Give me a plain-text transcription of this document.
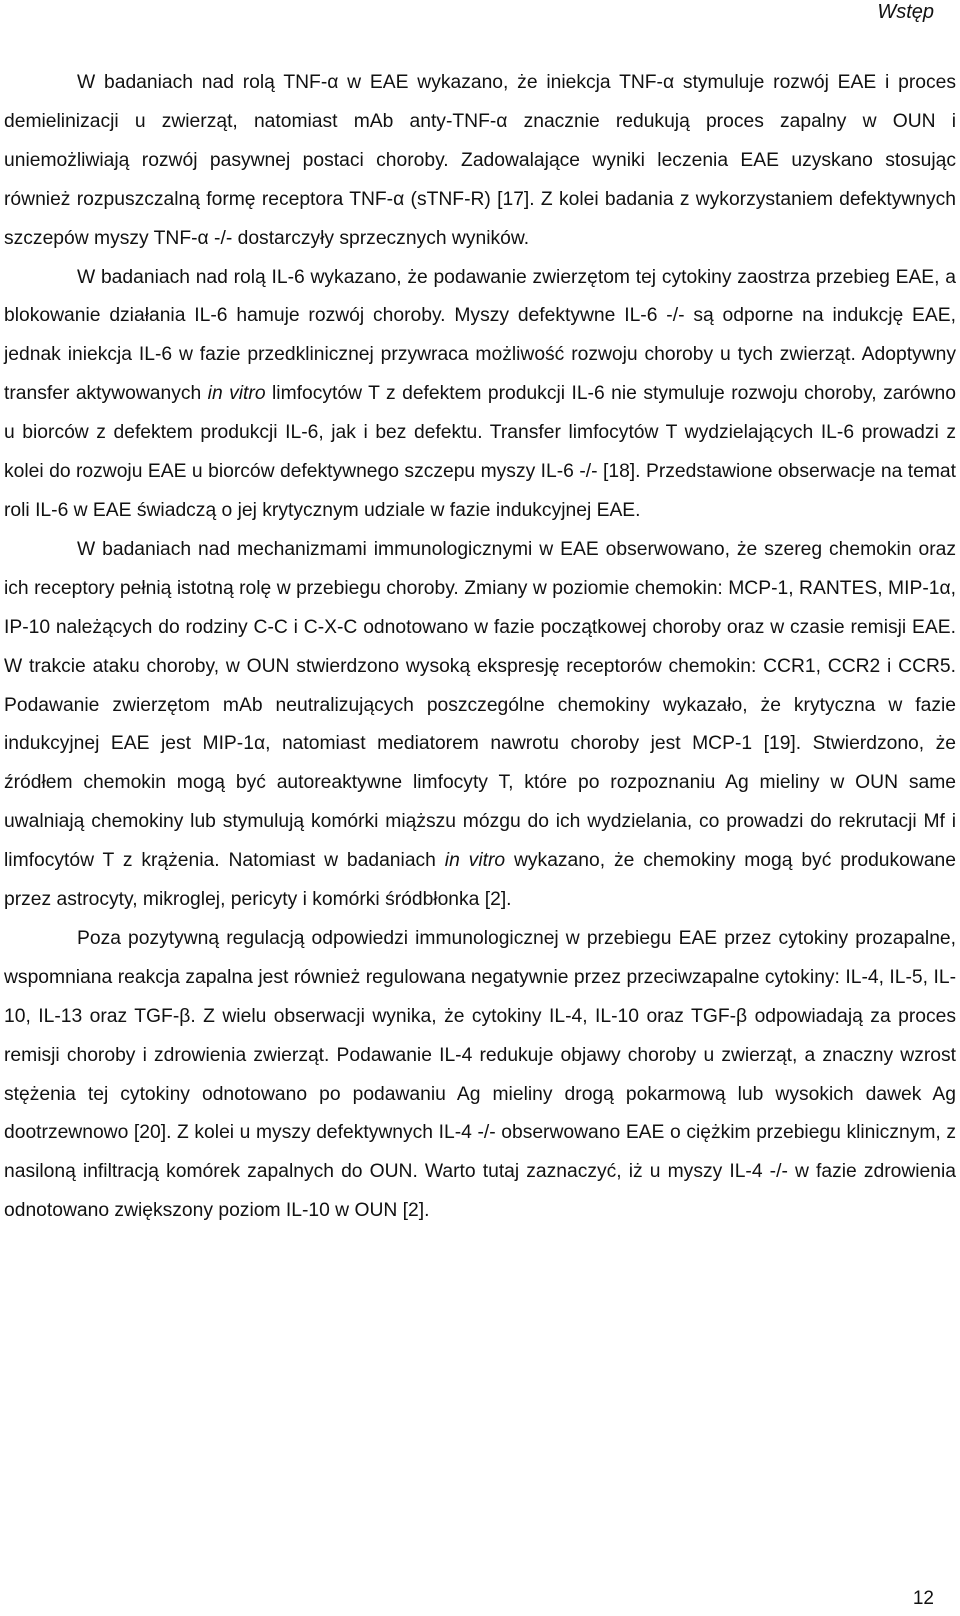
Wstęp

W badaniach nad rolą TNF-α w EAE wykazano, że iniekcja TNF-α stymuluje rozwój EAE i proces demielinizacji u zwierząt, natomiast mAb anty-TNF-α znacznie redukują proces zapalny w OUN i uniemożliwiają rozwój pasywnej postaci choroby. Zadowalające wyniki leczenia EAE uzyskano stosując również rozpuszczalną formę receptora TNF-α (sTNF-R) [17]. Z kolei badania z wykorzystaniem defektywnych szczepów myszy TNF-α -/- dostarczyły sprzecznych wyników.

W badaniach nad rolą IL-6 wykazano, że podawanie zwierzętom tej cytokiny zaostrza przebieg EAE, a blokowanie działania IL-6 hamuje rozwój choroby. Myszy defektywne IL-6 -/- są odporne na indukcję EAE, jednak iniekcja IL-6 w fazie przedklinicznej przywraca możliwość rozwoju choroby u tych zwierząt. Adoptywny transfer aktywowanych in vitro limfocytów T z defektem produkcji IL-6 nie stymuluje rozwoju choroby, zarówno u biorców z defektem produkcji IL-6, jak i bez defektu. Transfer limfocytów T wydzielających IL-6 prowadzi z kolei do rozwoju EAE u biorców defektywnego szczepu myszy IL-6 -/- [18]. Przedstawione obserwacje na temat roli IL-6 w EAE świadczą o jej krytycznym udziale w fazie indukcyjnej EAE.

W badaniach nad mechanizmami immunologicznymi w EAE obserwowano, że szereg chemokin oraz ich receptory pełnią istotną rolę w przebiegu choroby. Zmiany w poziomie chemokin: MCP-1, RANTES, MIP-1α, IP-10 należących do rodziny C-C i C-X-C odnotowano w fazie początkowej choroby oraz w czasie remisji EAE. W trakcie ataku choroby, w OUN stwierdzono wysoką ekspresję receptorów chemokin: CCR1, CCR2 i CCR5. Podawanie zwierzętom mAb neutralizujących poszczególne chemokiny wykazało, że krytyczna w fazie indukcyjnej EAE jest MIP-1α, natomiast mediatorem nawrotu choroby jest MCP-1 [19]. Stwierdzono, że źródłem chemokin mogą być autoreaktywne limfocyty T, które po rozpoznaniu Ag mieliny w OUN same uwalniają chemokiny lub stymulują komórki miąższu mózgu do ich wydzielania, co prowadzi do rekrutacji Mf i limfocytów T z krążenia. Natomiast w badaniach in vitro wykazano, że chemokiny mogą być produkowane przez astrocyty, mikroglej, pericyty i komórki śródbłonka [2].

Poza pozytywną regulacją odpowiedzi immunologicznej w przebiegu EAE przez cytokiny prozapalne, wspomniana reakcja zapalna jest również regulowana negatywnie przez przeciwzapalne cytokiny: IL-4, IL-5, IL-10, IL-13 oraz TGF-β. Z wielu obserwacji wynika, że cytokiny IL-4, IL-10 oraz TGF-β odpowiadają za proces remisji choroby i zdrowienia zwierząt. Podawanie IL-4 redukuje objawy choroby u zwierząt, a znaczny wzrost stężenia tej cytokiny odnotowano po podawaniu Ag mieliny drogą pokarmową lub wysokich dawek Ag dootrzewnowo [20]. Z kolei u myszy defektywnych IL-4 -/- obserwowano EAE o ciężkim przebiegu klinicznym, z nasiloną infiltracją komórek zapalnych do OUN. Warto tutaj zaznaczyć, iż u myszy IL-4 -/- w fazie zdrowienia odnotowano zwiększony poziom IL-10 w OUN [2].

12
